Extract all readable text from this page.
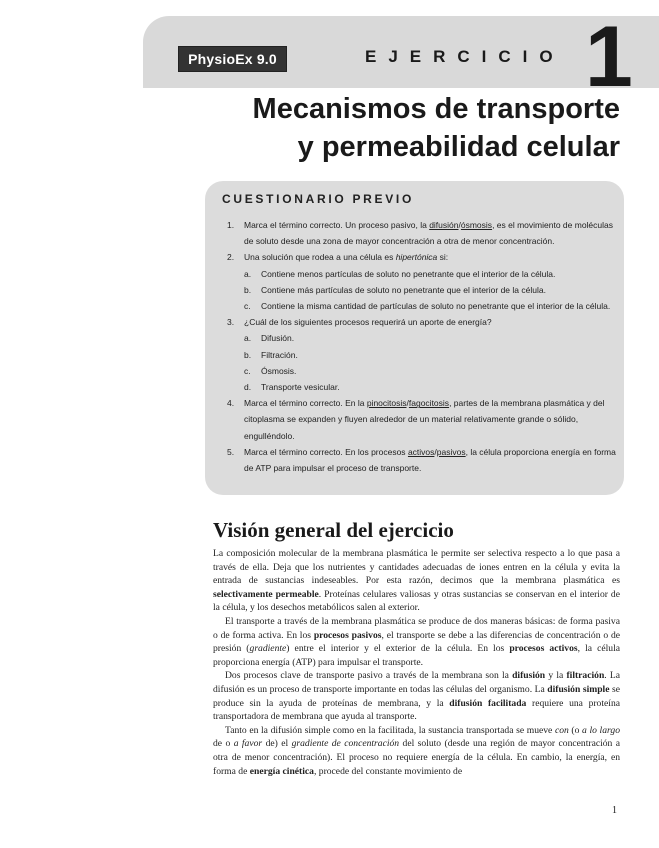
PhysioEx 9.0	EJERCICIO 1
Mecanismos de transporte
y permeabilidad celular
CUESTIONARIO PREVIO
1. Marca el término correcto. Un proceso pasivo, la difusión/ósmosis, es el movimiento de moléculas de soluto desde una zona de mayor concentración a otra de menor concentración.
2. Una solución que rodea a una célula es hipertónica si:
a. Contiene menos partículas de soluto no penetrante que el interior de la célula.
b. Contiene más partículas de soluto no penetrante que el interior de la célula.
c. Contiene la misma cantidad de partículas de soluto no penetrante que el interior de la célula.
3. ¿Cuál de los siguientes procesos requerirá un aporte de energía?
a. Difusión.
b. Filtración.
c. Ósmosis.
d. Transporte vesicular.
4. Marca el término correcto. En la pinocitosis/fagocitosis, partes de la membrana plasmática y del citoplasma se expanden y fluyen alrededor de un material relativamente grande o sólido, engulléndolo.
5. Marca el término correcto. En los procesos activos/pasivos, la célula proporciona energía en forma de ATP para impulsar el proceso de transporte.
Visión general del ejercicio

La composición molecular de la membrana plasmática le permite ser selectiva respecto a lo que pasa a través de ella. Deja que los nutrientes y cantidades adecuadas de iones entren en la célula y evita la entrada de sustancias indeseables. Por esta razón, decimos que la membrana plasmática es selectivamente permeable. Proteínas celulares valiosas y otras sustancias se conservan en el interior de la célula, y los desechos metabólicos salen al exterior.

El transporte a través de la membrana plasmática se produce de dos maneras básicas: de forma pasiva o de forma activa. En los procesos pasivos, el transporte se debe a las diferencias de concentración o de presión (gradiente) entre el interior y el exterior de la célula. En los procesos activos, la célula proporciona energía (ATP) para impulsar el transporte.

Dos procesos clave de transporte pasivo a través de la membrana son la difusión y la filtración. La difusión es un proceso de transporte importante en todas las células del organismo. La difusión simple se produce sin la ayuda de proteínas de membrana, y la difusión facilitada requiere una proteína transportadora de membrana que ayuda al transporte.

Tanto en la difusión simple como en la facilitada, la sustancia transportada se mueve con (o a lo largo de o a favor de) el gradiente de concentración del soluto (desde una región de mayor concentración a otra de menor concentración). El proceso no requiere energía de la célula. En cambio, la energía, en forma de energía cinética, procede del constante movimiento de

1
